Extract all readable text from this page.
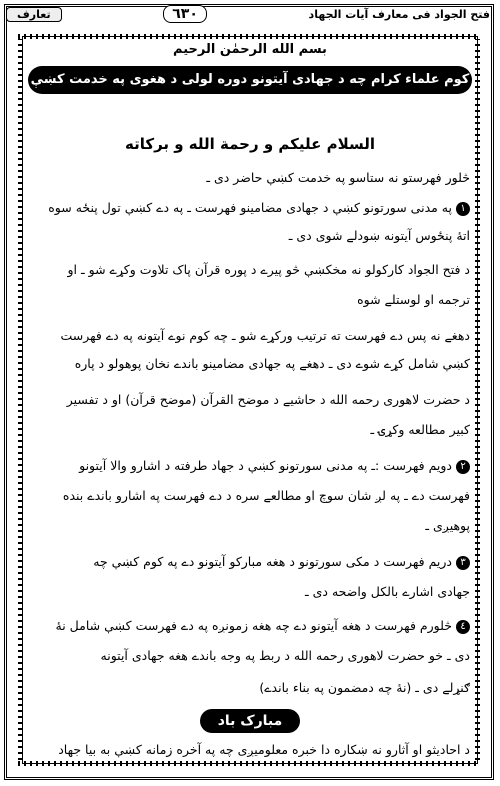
فتح الجواد فی معارف آیات الجهاد
٦٣٠
تعارف
بسم الله الرحمٰن الرحیم
کوم علماء کرام چه د جهادی آیتونو دوره لولی د هغوی په خدمت کښې یوګذارش
السلام علیکم و رحمة الله و برکاته
څلور فهرستو نه ستاسو په خدمت کښې حاضر دی ـ
١په مدنی سورتونو کښې د جهادی مضامینو فهرست ـ په دے کښې تول پنځه سوه
اتۀ پنځوس آیتونه ښودلے شوی دی ـ
د فتح الجواد کارکولو نه مخکښې څو پیرے د پوره قرآن پاک تلاوت وکړے شو ـ او
ترجمه او لوستلے شوه
دهغے نه پس دے فهرست ته ترتیب ورکړے شو ـ چه کوم نوے آیتونه په دے فهرست
کښې شامل کړے شوے دی ـ دهغے په جهادی مضامینو باندے نخان پوهولو د پاره
د حضرت لاهوری رحمه الله د حاشیے د موضح القرآن (موضح قرآن) او د تفسیر
کبیر مطالعه وکړۍ ـ
٢دویم فهرست :ـ په مدنی سورتونو کښې د جهاد طرفته د اشارو والا آیتونو
فهرست دے ـ په لږ شان سوچ او مطالعے سره د دے فهرست په اشارو باندے بنده
پوهیږی ـ
٣دریم فهرست د مکی سورتونو د هغه مبارکو آیتونو دے په کوم کښې چه
جهادی اشارے بالکل واضحه دی ـ
٤څلورم فهرست د هغه آیتونو دے چه هغه زمونږه په دے فهرست کښې شامل نۀ
دی ـ خو حضرت لاهوری رحمه الله د ربط په وجه باندے هغه جهادی آیتونه
ګنړلے دی ـ (نۀ چه دمضمون په بناء باندے)
مبارک باد
د احادیثو او آثارو نه ښکاره دا خبره معلومیږی چه په آخره زمانه کښې به بیا جهاد
